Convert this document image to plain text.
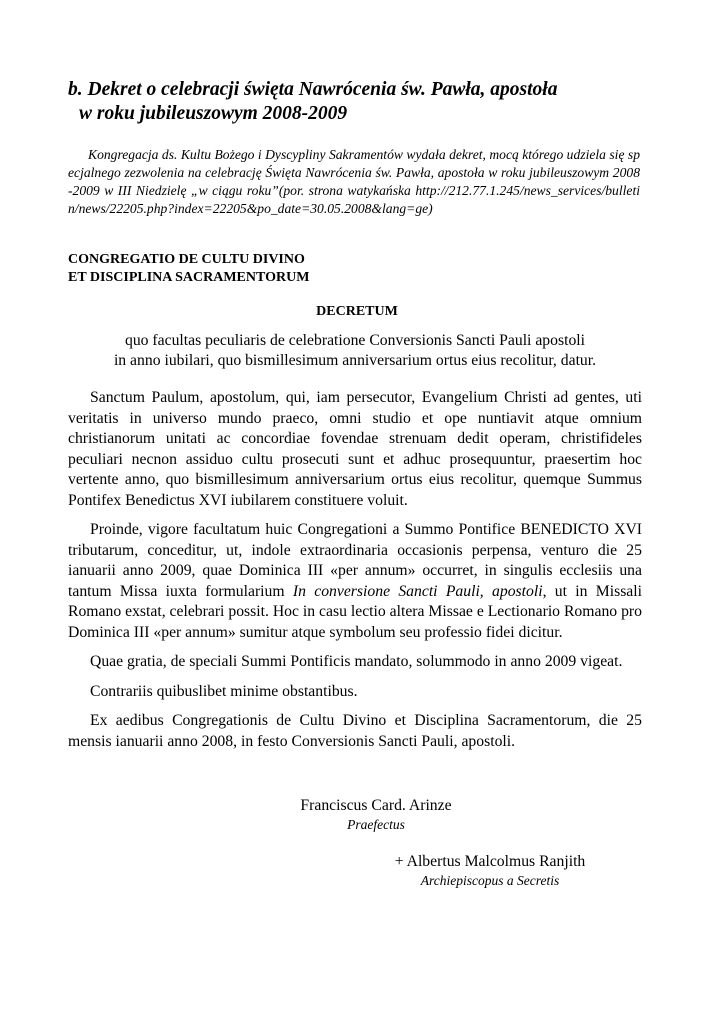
b. Dekret o celebracji święta Nawrócenia św. Pawła, apostoła
w roku jubileuszowym 2008-2009

Kongregacja ds. Kultu Bożego i Dyscypliny Sakramentów wydała dekret, mocą którego udziela się specjalnego zezwolenia na celebrację Święta Nawrócenia św. Pawła, apostoła w roku jubileuszowym 2008-2009 w III Niedzielę „w ciągu roku”(por. strona watykańska http://212.77.1.245/news_services/bulletin/news/22205.php?index=22205&po_date=30.05.2008&lang=ge)

CONGREGATIO DE CULTU DIVINO
ET DISCIPLINA SACRAMENTORUM

DECRETUM

quo facultas peculiaris de celebratione Conversionis Sancti Pauli apostoli
in anno iubilari, quo bismillesimum anniversarium ortus eius recolitur, datur.

Sanctum Paulum, apostolum, qui, iam persecutor, Evangelium Christi ad gentes, uti veritatis in universo mundo praeco, omni studio et ope nuntiavit atque omnium christianorum unitati ac concordiae fovendae strenuam dedit operam, christifideles peculiari necnon assiduo cultu prosecuti sunt et adhuc prosequuntur, praesertim hoc vertente anno, quo bismillesimum anniversarium ortus eius recolitur, quemque Summus Pontifex Benedictus XVI iubilarem constituere voluit.

Proinde, vigore facultatum huic Congregationi a Summo Pontifice BENEDICTO XVI tributarum, conceditur, ut, indole extraordinaria occasionis perpensa, venturo die 25 ianuarii anno 2009, quae Dominica III «per annum» occurret, in singulis ecclesiis una tantum Missa iuxta formularium In conversione Sancti Pauli, apostoli, ut in Missali Romano exstat, celebrari possit. Hoc in casu lectio altera Missae e Lectionario Romano pro Dominica III «per annum» sumitur atque symbolum seu professio fidei dicitur.

Quae gratia, de speciali Summi Pontificis mandato, solummodo in anno 2009 vigeat.

Contrariis quibuslibet minime obstantibus.

Ex aedibus Congregationis de Cultu Divino et Disciplina Sacramentorum, die 25 mensis ianuarii anno 2008, in festo Conversionis Sancti Pauli, apostoli.

Franciscus Card. Arinze
Praefectus
+ Albertus Malcolmus Ranjith
Archiepiscopus a Secretis
